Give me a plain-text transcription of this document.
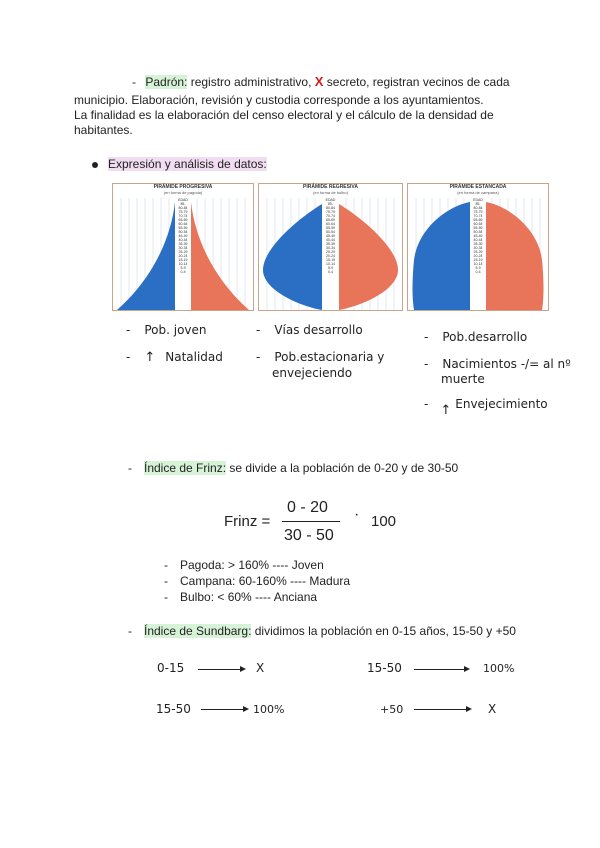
- Padrón: registro administrativo, X secreto, registran vecinos de cada
municipio. Elaboración, revisión y custodia corresponde a los ayuntamientos.
La finalidad es la elaboración del censo electoral y el cálculo de la densidad de
habitantes.
Expresión y análisis de datos:
PIRÁMIDE PROGRESIVA
(en forma de pagoda)
EDAD
85-
80-84
75-79
70-74
65-69
60-64
55-59
50-54
45-49
40-44
35-39
30-34
25-29
20-24
15-19
10-14
5-9
0-4
PIRÁMIDE REGRESIVA
(en forma de bulbo)
EDAD
85-
80-84
75-79
70-74
65-69
60-64
55-59
50-54
45-49
40-44
35-39
30-34
25-29
20-24
15-19
10-14
5-9
0-4
PIRÁMIDE ESTANCADA
(en forma de campana)
EDAD
85-
80-84
75-79
70-74
65-69
60-64
55-59
50-54
45-49
40-44
35-39
30-34
25-29
20-24
15-19
10-14
5-9
0-4
- Pob. joven
- ↑ Natalidad
- Vías desarrollo
- Pob.estacionaria y
envejeciendo
- Pob.desarrollo
- Nacimientos -/= al nº
muerte
- ↑ Envejecimiento
- Índice de Frinz: se divide a la población de 0-20 y de 30-50
Frinz =
0 - 20
30 - 50
· 100
- Pagoda: > 160% ---- Joven
- Campana: 60-160% ---- Madura
- Bulbo: < 60% ---- Anciana
- Índice de Sundbarg: dividimos la población en 0-15 años, 15-50 y +50
0-15	X	15-50	100%
15-50	100%	+50	X
